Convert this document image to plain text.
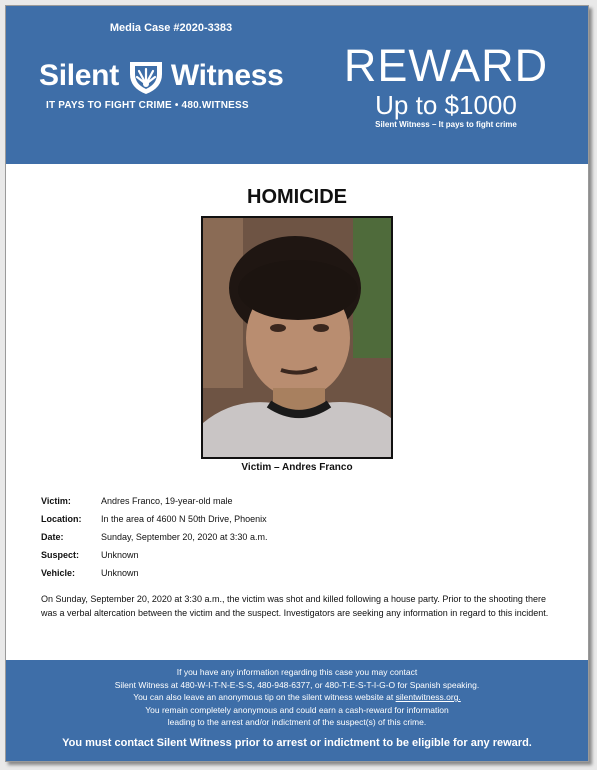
Media Case #2020-3383
Silent Witness
IT PAYS TO FIGHT CRIME • 480.WITNESS
REWARD
Up to $1000
Silent Witness – It pays to fight crime
HOMICIDE
Victim – Andres Franco
Victim:	Andres Franco, 19-year-old male
Location:	In the area of 4600 N 50th Drive, Phoenix
Date:	Sunday, September 20, 2020 at 3:30 a.m.
Suspect:	Unknown
Vehicle:	Unknown
On Sunday, September 20, 2020 at 3:30 a.m., the victim was shot and killed following a house party. Prior to the shooting there was a verbal altercation between the victim and the suspect. Investigators are seeking any information in regard to this incident.
If you have any information regarding this case you may contact
Silent Witness at 480-W-I-T-N-E-S-S, 480-948-6377, or 480-T-E-S-T-I-G-O for Spanish speaking.
You can also leave an anonymous tip on the silent witness website at silentwitness.org.
You remain completely anonymous and could earn a cash-reward for information
leading to the arrest and/or indictment of the suspect(s) of this crime.
You must contact Silent Witness prior to arrest or indictment to be eligible for any reward.
